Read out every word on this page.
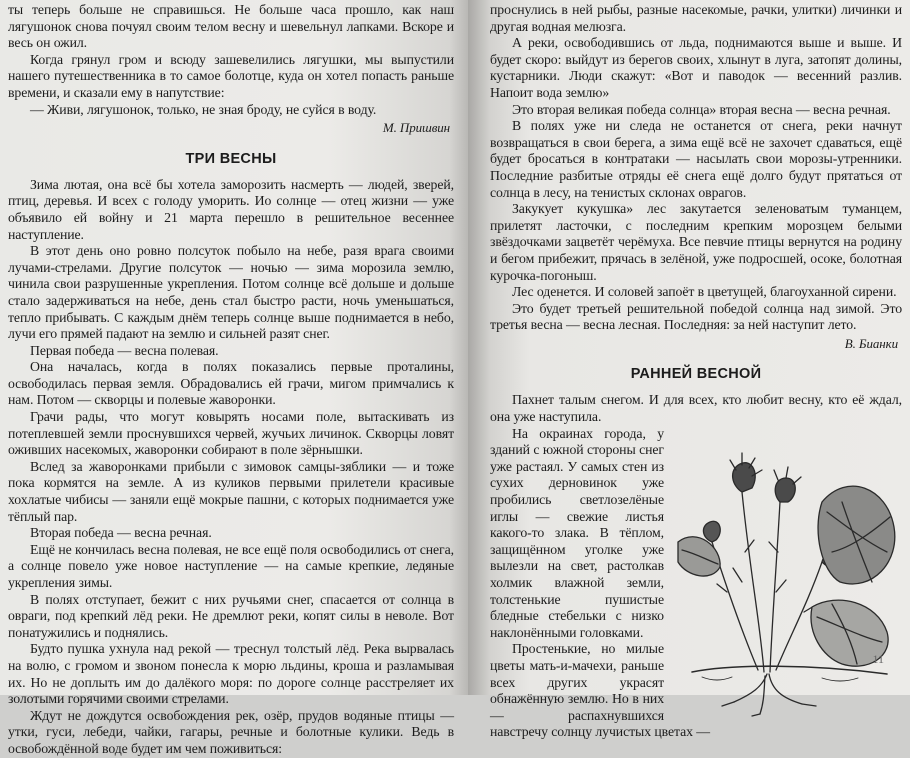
ты теперь больше не справишься. Не больше часа прошло, как наш лягушонок снова почуял своим телом весну и шевельнул лапками. Вскоре и весь он ожил.

Когда грянул гром и всюду зашевелились лягушки, мы выпустили нашего путешественника в то самое болотце, куда он хотел попасть раньше времени, и сказали ему в напутствие:

— Живи, лягушонок, только, не зная броду, не суйся в воду.

М. Пришвин

ТРИ ВЕСНЫ

Зима лютая, она всё бы хотела заморозить насмерть — людей, зверей, птиц, деревья. И всех с голоду уморить. Ио солнце — отец жизни — уже объявило ей войну и 21 марта перешло в решительное весеннее наступление.

В этот день оно ровно полсуток побыло на небе, разя врага своими лучами-стрелами. Другие полсуток — ночью — зима морозила землю, чинила свои разрушенные укрепления. Потом солнце всё дольше и дольше стало задерживаться на небе, день стал быстро расти, ночь уменьшаться, тепло прибывать. С каждым днём теперь солнце выше поднимается в небо, лучи его прямей падают на землю и сильней разят снег.

Первая победа — весна полевая.

Она началась, когда в полях показались первые проталины, освободилась первая земля. Обрадовались ей грачи, мигом примчались к нам. Потом — скворцы и полевые жаворонки.

Грачи рады, что могут ковырять носами поле, вытаскивать из потеплевшей земли проснувшихся червей, жучьих личинок. Скворцы ловят оживших насекомых, жаворонки собирают в поле зёрнышки.

Вслед за жаворонками прибыли с зимовок самцы-зяблики — и тоже пока кормятся на земле. А из куликов первыми прилетели красивые хохлатые чибисы — заняли ещё мокрые пашни, с которых поднимается уже тёплый пар.

Вторая победа — весна речная.

Ещё не кончилась весна полевая, не все ещё поля освободились от снега, а солнце повело уже новое наступление — на самые крепкие, ледяные укрепления зимы.

В полях отступает, бежит с них ручьями снег, спасается от солнца в овраги, под крепкий лёд реки. Не дремлют реки, копят силы в неволе. Вот понатужились и поднялись.

Будто пушка ухнула над рекой — треснул толстый лёд. Река вырвалась на волю, с громом и звоном понесла к морю льдины, кроша и разламывая их. Но не доплыть им до далёкого моря: по дороге солнце расстреляет их золотыми горячими своими стрелами.

Ждут не дождутся освобождения рек, озёр, прудов водяные птицы — утки, гуси, лебеди, чайки, гагары, речные и болотные кулики. Ведь в освобождённой воде будет им чем поживиться:

проснулись в ней рыбы, разные насекомые, рачки, улитки) личинки и другая водная мелюзга.

А реки, освободившись от льда, поднимаются выше и выше. И будет скоро: выйдут из берегов своих, хлынут в луга, затопят долины, кустарники. Люди скажут: «Вот и паводок — весенний разлив. Напоит вода землю»

Это вторая великая победа солнца» вторая весна — весна речная.

В полях уже ни следа не останется от снега, реки начнут возвращаться в свои берега, а зима ещё всё не захочет сдаваться, ещё будет бросаться в контратаки — насылать свои морозы-утренники. Последние разбитые отряды её снега ещё долго будут прятаться от солнца в лесу, на тенистых склонах оврагов.

Закукует кукушка» лес закутается зеленоватым туманцем, прилетят ласточки, с последним крепким морозцем белыми звёздочками зацветёт черёмуха. Все певчие птицы вернутся на родину и бегом прибежит, прячась в зелёной, уже подросшей, осоке, болотная курочка-погоныш.

Лес оденется. И соловей запоёт в цветущей, благоуханной сирени.

Это будет третьей решительной победой солнца над зимой. Это третья весна — весна лесная. Последняя: за ней наступит лето.

В. Бианки

РАННЕЙ ВЕСНОЙ

Пахнет талым снегом. И для всех, кто любит весну, кто её ждал, она уже наступила.

На окраинах города, у зданий с южной стороны снег уже растаял. У самых стен из сухих дерновинок уже пробились светлозелёные иглы — свежие листья какого-то злака. В тёплом, защищённом уголке уже вылезли на свет, растолкав холмик влажной земли, толстенькие пушистые бледные стебельки с низко наклонёнными головками.

Простенькие, но милые цветы мать-и-мачехи, раньше всех других украсят обнажённую землю. Но в них — распахнувшихся навстречу солнцу лучистых цветах —

11
